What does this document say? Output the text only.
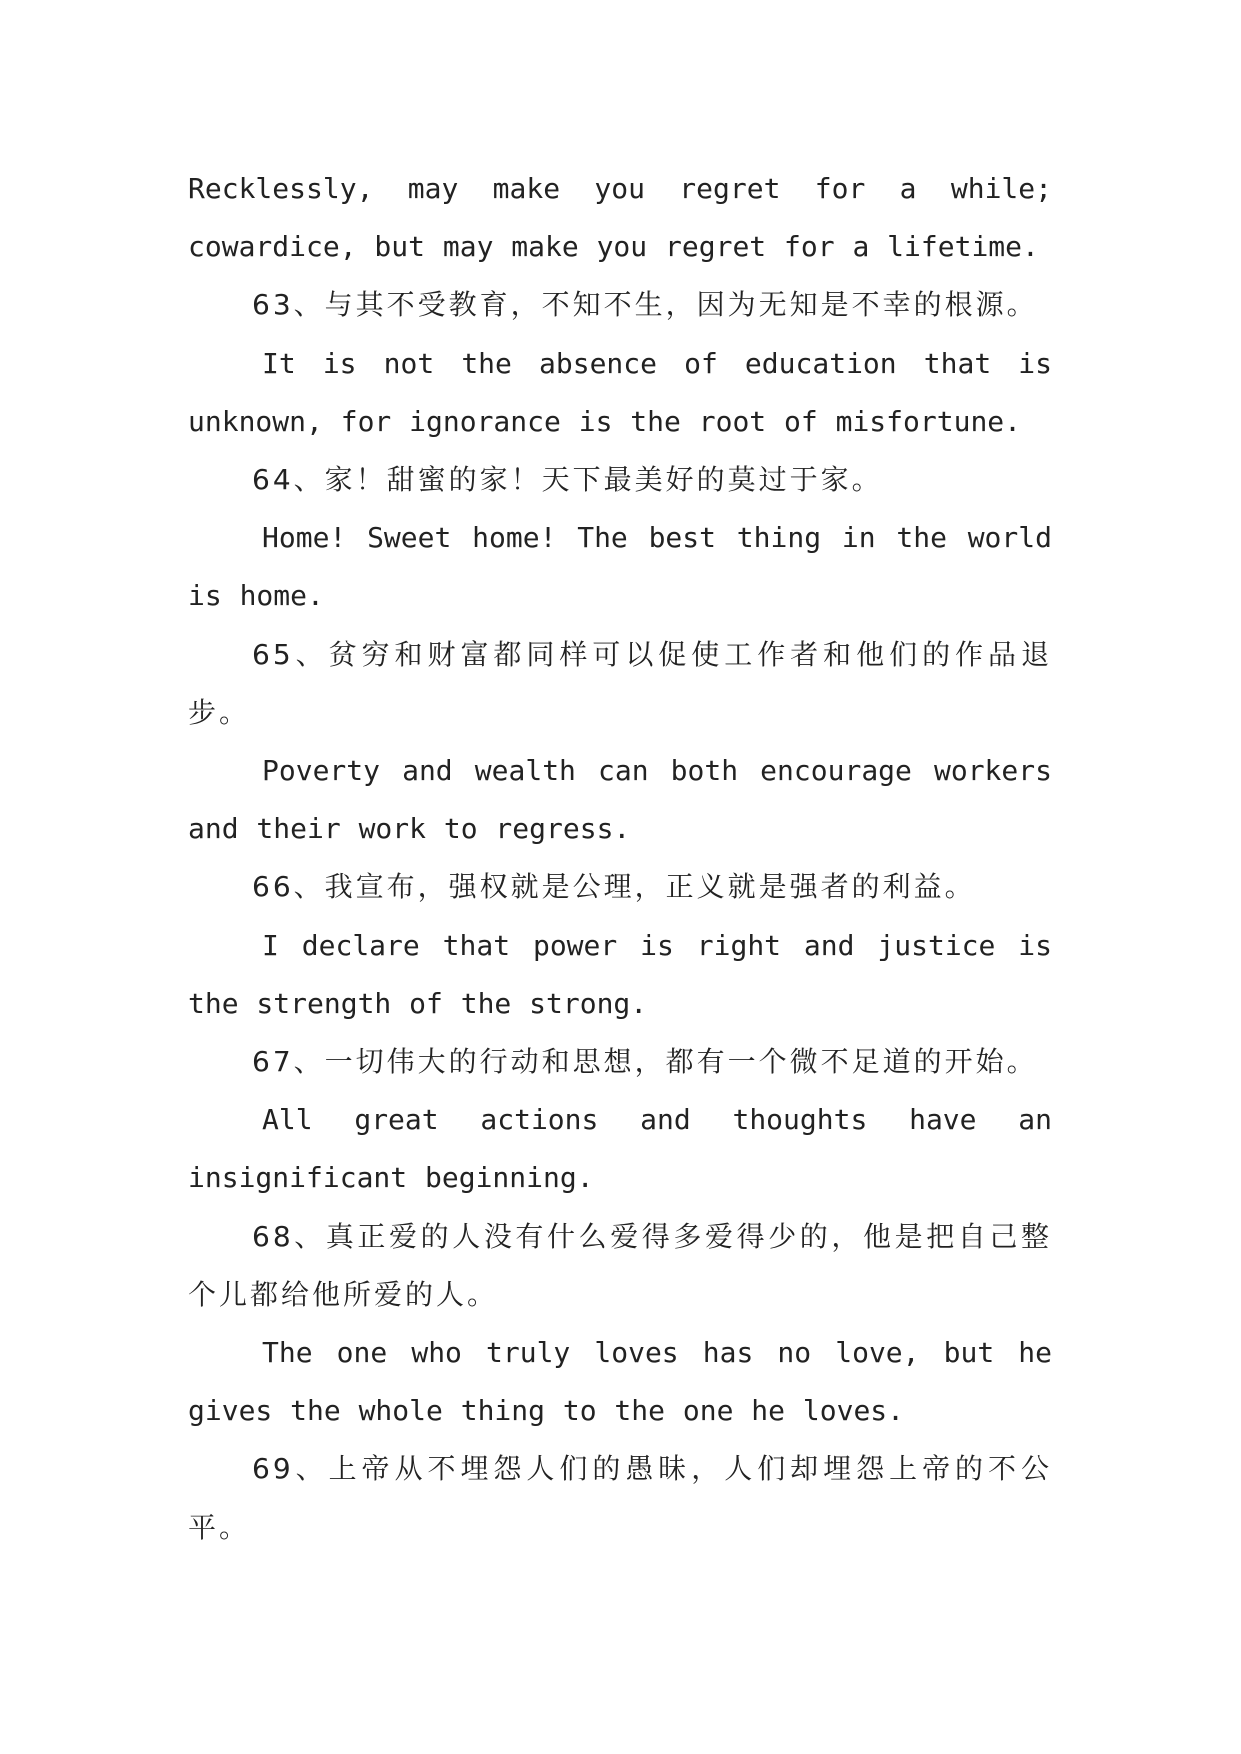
Recklessly, may make you regret for a while; cowardice, but may make you regret for a lifetime.

63、与其不受教育，不知不生，因为无知是不幸的根源。

It is not the absence of education that is unknown, for ignorance is the root of misfortune.

64、家！甜蜜的家！天下最美好的莫过于家。

Home! Sweet home! The best thing in the world is home.

65、贫穷和财富都同样可以促使工作者和他们的作品退步。

Poverty and wealth can both encourage workers and their work to regress.

66、我宣布，强权就是公理，正义就是强者的利益。

I declare that power is right and justice is the strength of the strong.

67、一切伟大的行动和思想，都有一个微不足道的开始。

All great actions and thoughts have an insignificant beginning.

68、真正爱的人没有什么爱得多爱得少的，他是把自己整个儿都给他所爱的人。

The one who truly loves has no love, but he gives the whole thing to the one he loves.

69、上帝从不埋怨人们的愚昧，人们却埋怨上帝的不公平。
